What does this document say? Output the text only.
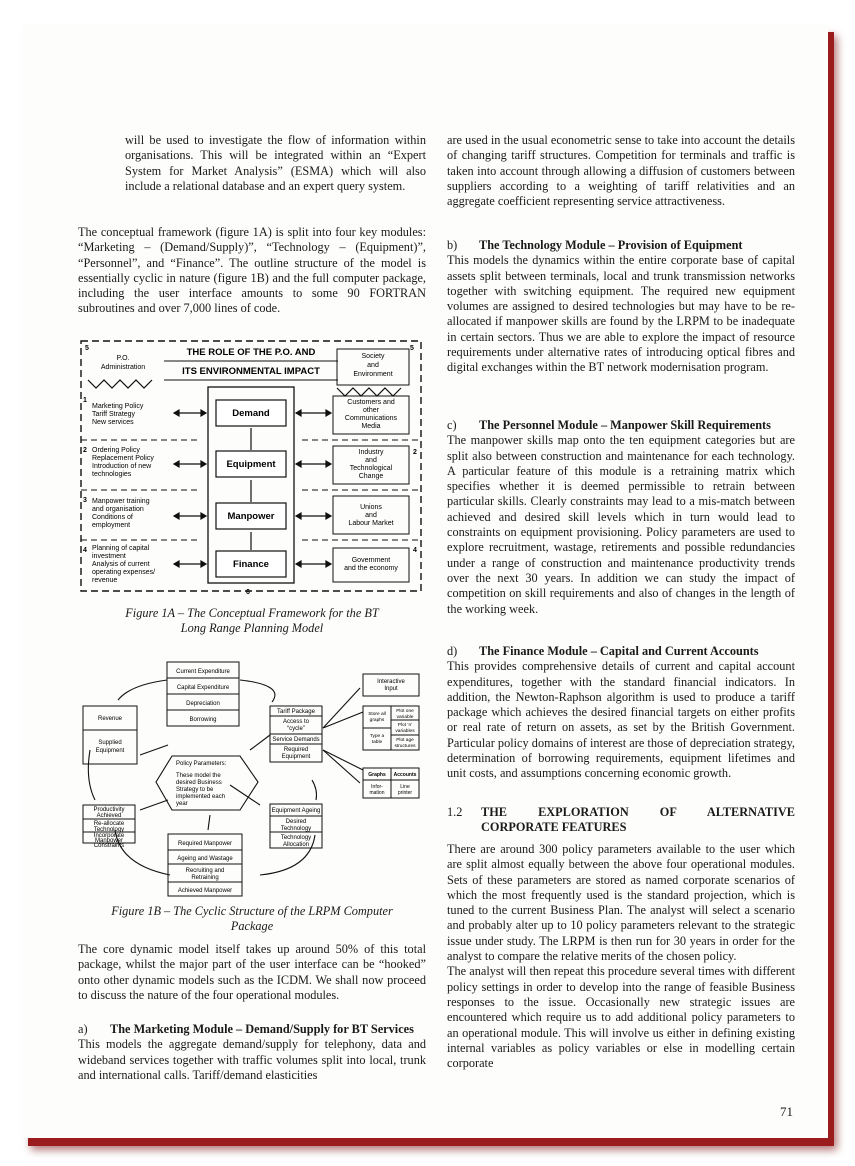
will be used to investigate the flow of information within organisations. This will be integrated within an “Expert System for Market Analysis” (ESMA) which will also include a relational database and an expert query system.

The conceptual framework (figure 1A) is split into four key modules: “Marketing – (Demand/Supply)”, “Technology – (Equipment)”, “Personnel”, and “Finance”. The outline structure of the model is essentially cyclic in nature (figure 1B) and the full computer package, including the user interface amounts to some 90 FORTRAN subroutines and over 7,000 lines of code.

5	5
6
THE ROLE OF THE P.O. AND
ITS ENVIRONMENTAL IMPACT
P.O.
Administration
Society
and
Environment
1
Marketing Policy
Tariff Strategy
New services
Demand
Customers and
other
Communications
Media
2 Ordering Policy
Replacement Policy
Introduction of new
technologies
Equipment
Industry
and
Technological
Change
2
3 Manpower training
and organisation
Conditions of
employment
Manpower
Unions
and
Labour Market
4 Planning of capital
investment
Analysis of current
operating expenses/
revenue
Finance	Government
and the economy
4
Figure 1A – The Conceptual Framework for the BT
Long Range Planning Model
Current Expenditure
Capital Expenditure
Depreciation
Borrowing
Revenue
Supplied
Equipment
Tariff Package
Access to
“cycle”
Service Demands
Required
Equipment
Policy Parameters:
These model the
desired Business
Strategy to be
implemented each
year
Equipment Ageing
Desired
Technology
Technology
Allocation
Productivity
Achieved
Re-allocate
Technology
Incorporate
Manpower
Constraints	Required Manpower
Ageing and Wastage
Recruiting and
Retraining
Achieved Manpower
Interactive
Input
Store all
graphs
Plot one
variable
Type a
table
Plot ‘n’
variables
Plot age
structures
Graphs Accounts
Infor-
mation
Line
printer
Figure 1B – The Cyclic Structure of the LRPM Computer
Package

The core dynamic model itself takes up around 50% of this total package, whilst the major part of the user interface can be “hooked” onto other dynamic models such as the ICDM. We shall now proceed to discuss the nature of the four operational modules.

a) The Marketing Module – Demand/Supply for BT Services

This models the aggregate demand/supply for telephony, data and wideband services together with traffic volumes split into local, trunk and international calls. Tariff/demand elasticities

are used in the usual econometric sense to take into account the details of changing tariff structures. Competition for terminals and traffic is taken into account through allowing a diffusion of customers between suppliers according to a weighting of tariff relativities and an aggregate coefficient representing service attractiveness.

b) The Technology Module – Provision of Equipment

This models the dynamics within the entire corporate base of capital assets split between terminals, local and trunk transmission networks together with switching equipment. The required new equipment volumes are assigned to desired technologies but may have to be re-allocated if manpower skills are found by the LRPM to be inadequate in certain sectors. Thus we are able to explore the impact of resource requirements under alternative rates of introducing optical fibres and digital exchanges within the BT network modernisation program.

c) The Personnel Module – Manpower Skill Requirements

The manpower skills map onto the ten equipment categories but are split also between construction and maintenance for each technology. A particular feature of this module is a retraining matrix which specifies whether it is deemed permissible to retrain between particular skills. Clearly constraints may lead to a mis-match between achieved and desired skill levels which in turn would lead to constraints on equipment provisioning. Policy parameters are used to explore recruitment, wastage, retirements and possible redundancies under a range of construction and maintenance productivity trends over the next 30 years. In addition we can study the impact of competition on skill requirements and also of changes in the length of the working week.

d) The Finance Module – Capital and Current Accounts

This provides comprehensive details of current and capital account expenditures, together with the standard financial indicators. In addition, the Newton-Raphson algorithm is used to produce a tariff package which achieves the desired financial targets on either profits or real rate of return on assets, as set by the British Government. Particular policy domains of interest are those of depreciation strategy, determination of borrowing requirements, equipment lifetimes and unit costs, and assumptions concerning economic growth.

1.2	THE EXPLORATION OF ALTERNATIVE
CORPORATE FEATURES

There are around 300 policy parameters available to the user which are split almost equally between the above four operational modules. Sets of these parameters are stored as named corporate scenarios of which the most frequently used is the standard projection, which is tuned to the current Business Plan. The analyst will select a scenario and probably alter up to 10 policy parameters relevant to the strategic issue under study. The LRPM is then run for 30 years in order for the analyst to compare the relative merits of the chosen policy.

The analyst will then repeat this procedure several times with different policy settings in order to develop into the range of feasible Business responses to the issue. Occasionally new strategic issues are encountered which require us to add additional policy parameters to an operational module. This will involve us either in defining existing internal variables as policy variables or else in modelling certain corporate

71
